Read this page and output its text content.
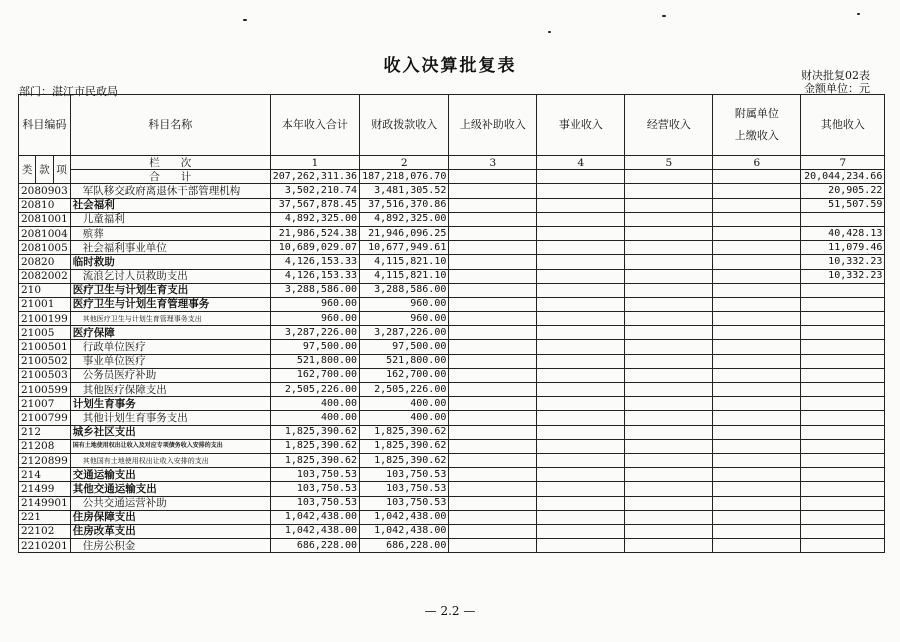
收入决算批复表	财决批复02表
金额单位：元
部门：湛江市民政局
科目编码			科目名称	本年收入合计	财政拨款收入	上级补助收入	事业收入	经营收入	附属单位
上缴收入	其他收入
类	款	项	栏　　次	1	2	3	4	5	6	7
			合　　计	207,262,311.36	187,218,076.70					20,044,234.66
2080903			军队移交政府离退休干部管理机构	3,502,210.74	3,481,305.52					20,905.22
20810			社会福利	37,567,878.45	37,516,370.86					51,507.59
2081001			儿童福利	4,892,325.00	4,892,325.00					
2081004			殡葬	21,986,524.38	21,946,096.25					40,428.13
2081005			社会福利事业单位	10,689,029.07	10,677,949.61					11,079.46
20820			临时救助	4,126,153.33	4,115,821.10					10,332.23
2082002			流浪乞讨人员救助支出	4,126,153.33	4,115,821.10					10,332.23
210			医疗卫生与计划生育支出	3,288,586.00	3,288,586.00					
21001			医疗卫生与计划生育管理事务	960.00	960.00					
2100199			其他医疗卫生与计划生育管理事务支出	960.00	960.00					
21005			医疗保障	3,287,226.00	3,287,226.00					
2100501			行政单位医疗	97,500.00	97,500.00					
2100502			事业单位医疗	521,800.00	521,800.00					
2100503			公务员医疗补助	162,700.00	162,700.00					
2100599			其他医疗保障支出	2,505,226.00	2,505,226.00					
21007			计划生育事务	400.00	400.00					
2100799			其他计划生育事务支出	400.00	400.00					
212			城乡社区支出	1,825,390.62	1,825,390.62					
21208			国有土地使用权出让收入及对应专项债务收入安排的支出	1,825,390.62	1,825,390.62					
2120899			其他国有土地使用权出让收入安排的支出	1,825,390.62	1,825,390.62					
214			交通运输支出	103,750.53	103,750.53					
21499			其他交通运输支出	103,750.53	103,750.53					
2149901			公共交通运营补助	103,750.53	103,750.53					
221			住房保障支出	1,042,438.00	1,042,438.00					
22102			住房改革支出	1,042,438.00	1,042,438.00					
2210201			住房公积金	686,228.00	686,228.00					
— 2.2 —
